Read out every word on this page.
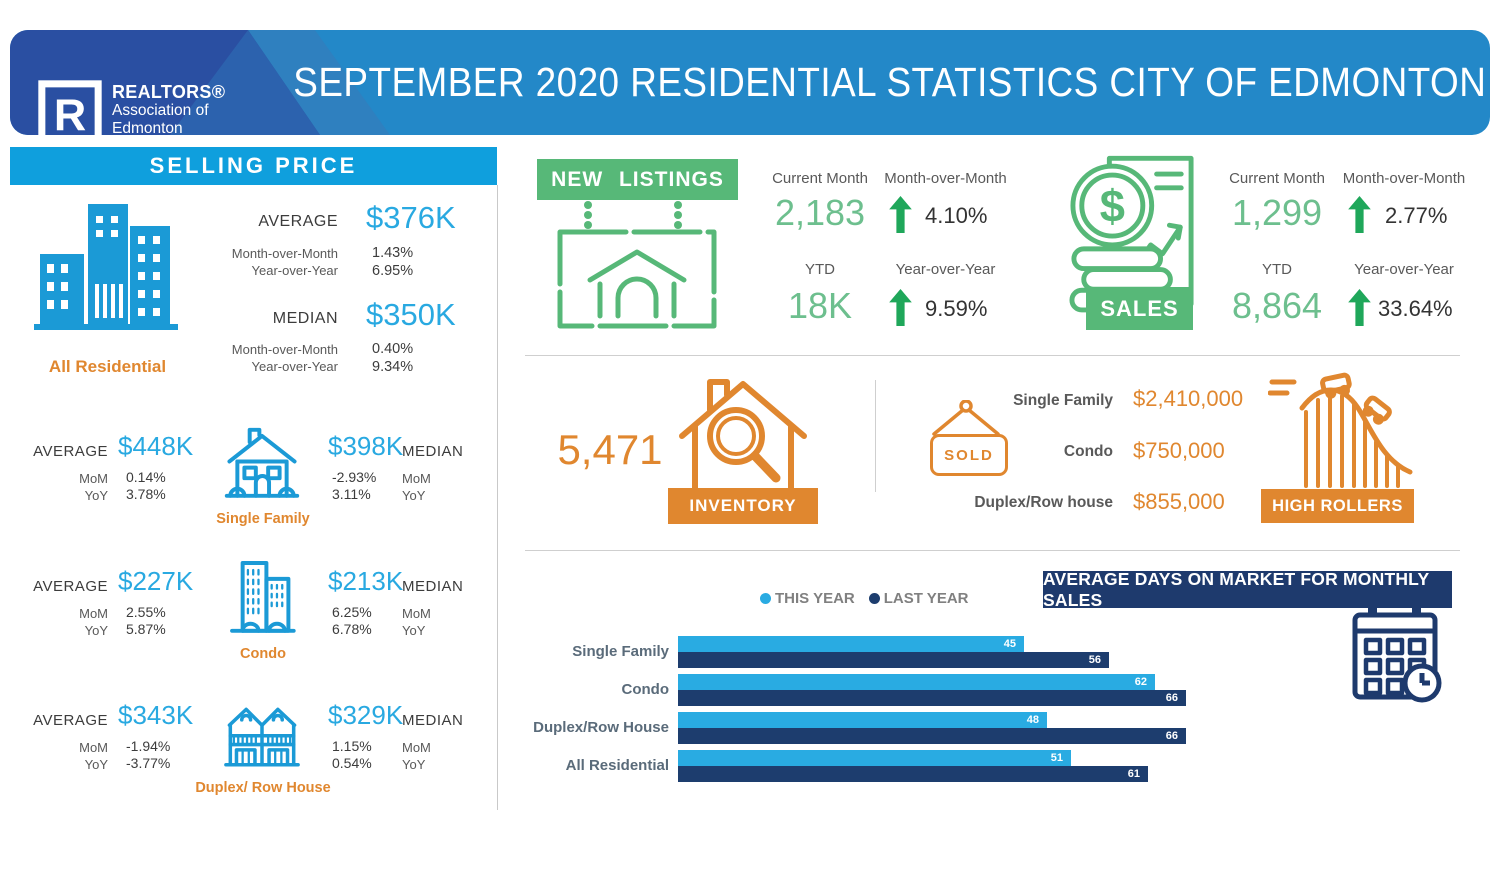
R REALTORS®
Association of
Edmonton
SEPTEMBER 2020 RESIDENTIAL STATISTICS CITY OF EDMONTON
SELLING PRICE
All Residential
AVERAGE $376K
Month-over-Month 1.43%
Year-over-Year 6.95%
MEDIAN $350K
Month-over-Month 0.40%
Year-over-Year 9.34%
AVERAGE $448K
MoM 0.14%
YoY 3.78%
Single Family
$398K
MEDIAN
-2.93% MoM
3.11% YoY
AVERAGE $227K
MoM 2.55%
YoY 5.87%
Condo
$213K
MEDIAN
6.25% MoM
6.78% YoY
AVERAGE $343K
MoM -1.94%
YoY -3.77%
Duplex/ Row House
$329K
MEDIAN
1.15% MoM
0.54% YoY
NEW LISTINGS	Current Month
2,183
Month-over-Month
4.10%
YTD
18K
Year-over-Year
9.59%
$
SALES
Current Month
1,299
Month-over-Month
2.77%
YTD
8,864
Year-over-Year
33.64%
5,471
INVENTORY
SOLD
Single Family $2,410,000
Condo $750,000
Duplex/Row house $855,000	HIGH ROLLERS
THIS YEAR LAST YEAR
AVERAGE DAYS ON MARKET FOR MONTHLY SALES
Single Family	45
56
Condo	62
66
Duplex/Row House	48
66
All Residential	51
61
